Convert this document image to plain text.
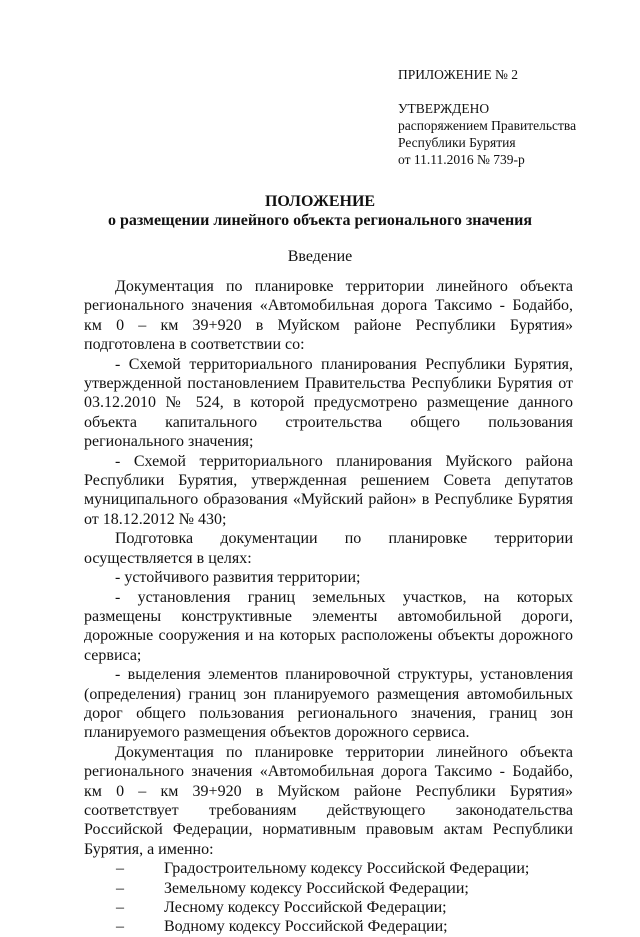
ПРИЛОЖЕНИЕ № 2
УТВЕРЖДЕНО
распоряжением Правительства
Республики Бурятия
от 11.11.2016 № 739-р
ПОЛОЖЕНИЕ
о размещении линейного объекта регионального значения
Введение

Документация по планировке территории линейного объекта регионального значения «Автомобильная дорога Таксимо - Бодайбо, км 0 – км 39+920 в Муйском районе Республики Бурятия» подготовлена в соответствии со:

- Схемой территориального планирования Республики Бурятия, утвержденной постановлением Правительства Республики Бурятия от 03.12.2010 № 524, в которой предусмотрено размещение данного объекта капитального строительства общего пользования регионального значения;

- Схемой территориального планирования Муйского района Республики Бурятия, утвержденная решением Совета депутатов муниципального образования «Муйский район» в Республике Бурятия от 18.12.2012 № 430;

Подготовка документации по планировке территории осуществляется в целях:

- устойчивого развития территории;

- установления границ земельных участков, на которых размещены конструктивные элементы автомобильной дороги, дорожные сооружения и на которых расположены объекты дорожного сервиса;

- выделения элементов планировочной структуры, установления (определения) границ зон планируемого размещения автомобильных дорог общего пользования регионального значения, границ зон планируемого размещения объектов дорожного сервиса.

Документация по планировке территории линейного объекта регионального значения «Автомобильная дорога Таксимо - Бодайбо, км 0 – км 39+920 в Муйском районе Республики Бурятия» соответствует требованиям действующего законодательства Российской Федерации, нормативным правовым актам Республики Бурятия, а именно:

–	Градостроительному кодексу Российской Федерации;
–	Земельному кодексу Российской Федерации;
–	Лесному кодексу Российской Федерации;
–	Водному кодексу Российской Федерации;
